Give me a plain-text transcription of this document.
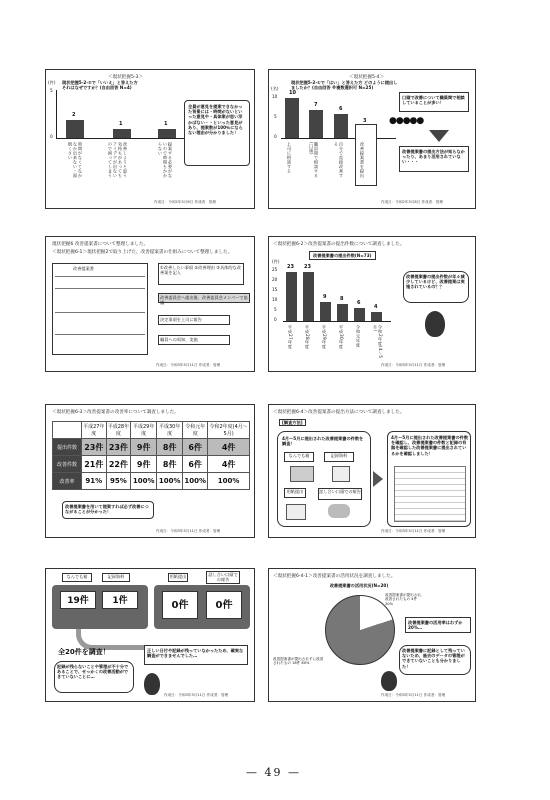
＜現状把握5-3＞
現状把握5-2-②で「いいえ」と答えた方 それはなぜですか？(自由回答 N=4)
(件)
5
0
2
1	1
時間がなくてなかなか出来ない・面倒くさい	改善しようと思う気持ちがあってもアイデアが出ないので困ってしまう	提案する必要がないので時間もかからない
全員が意見を提案できなかった背景には・時間がないといった意見や・具体案が思い浮かばない・・といった意見があり、提案数が100％にならない理由が分かりました！
作成日：令和2年5月8日 作成者：管理
＜現状把握5-4＞
現状把握5-2-①で「はい」と答えた方 どのように提出しましたか？(自由回答 ※複数選択可 N=25)
(名)
10
5
0
10
7
6
3
上司に相談する	職員間で相談する(口頭)	自分で直接改善する	改善提案書を提出
口頭で改善について職員間で相談していることが多い！
●●●●●
改善提案書の提出方法が知らなかったり、あまり活用されていない・・・
作成日：令和2年5月8日 作成者：管理
現状把握6 改善提案書について整理しました。
＜現状把握6-1＞現状把握2で取り上げた、改善提案書の仕組みについて整理しました。
改善提案書	①改善したい事項 ②改善理由 ③具体的な改善案を記入
改善委員会へ提出後、改善委員会メンバーで協議
決定事項を上司に報告
職員への周知、実施
作成日：令和3年5月11日 作成者：管理
＜現状把握6-2＞改善提案書の提出件数について調査しました。
改善提案書の提出件数(N=73)
(件)
25
20
15
10
5
0
23 23
9	8
6
4
平成27年度	平成28年度	平成29年度	平成30年度	令和元年度	令和2年度(4〜5月)
改善提案書の提出件数が年々減少しているけど、改善提案は実施されているの？？
作成日：令和3年5月11日 作成者：管理
＜現状把握6-3＞改善提案書の改善率について調査しました。
	平成27年度	平成28年度	平成29年度	平成30年度	令和元年度	令和2年度(4月〜5月)
提出件数	23件	23件	9件	8件	6件	4件
改善件数	21件	22件	9件	8件	6件	4件
改善率	91%	95%	100%	100%	100%	100%
改善提案書を用いて提案すれば必ず改善につながることが分かった！
作成日：令和3年5月11日 作成者：管理
＜現状把握6-4＞改善提案書の提出方法について調査しました。
[調査方法]
4月〜5月に提出された改善提案書の件数を調査！
なんでも箱	記録資料
用紙提出	話し合い口頭での報告
4月〜5月に提出された改善提案書の件数を確認し、改善提案書の件数と記録の有無を確認した改善提案書に提出されているかを確認しました！
作成日：令和3年5月11日 作成者：管理
なんでも箱	記録資料	用紙提出	話し合い口頭での報告
19件	1件	0件	0件
全20件を調査！	正しい日付や記録が残っていなかったため、確実な調査ができませんでした…
記録が残らないことや管理が不十分であることで、せっかくの改善活動ができていないことに…
作成日：令和3年5月11日 作成者：管理
＜現状把握6-4-1＞改善提案書の活用状況を調査しました。
改善提案書の活用状況(N=20)
改善提案書が提出され、改善されたもの 4件 20%
改善提案書が提出されずに改善されたもの 16件 80%
改善提案書の活用率はわずか20%…
改善提案書に記録として残っていないため、過去のデータの管理ができていないことも分かりました！
作成日：令和3年5月11日 作成者：管理
— 49 —
